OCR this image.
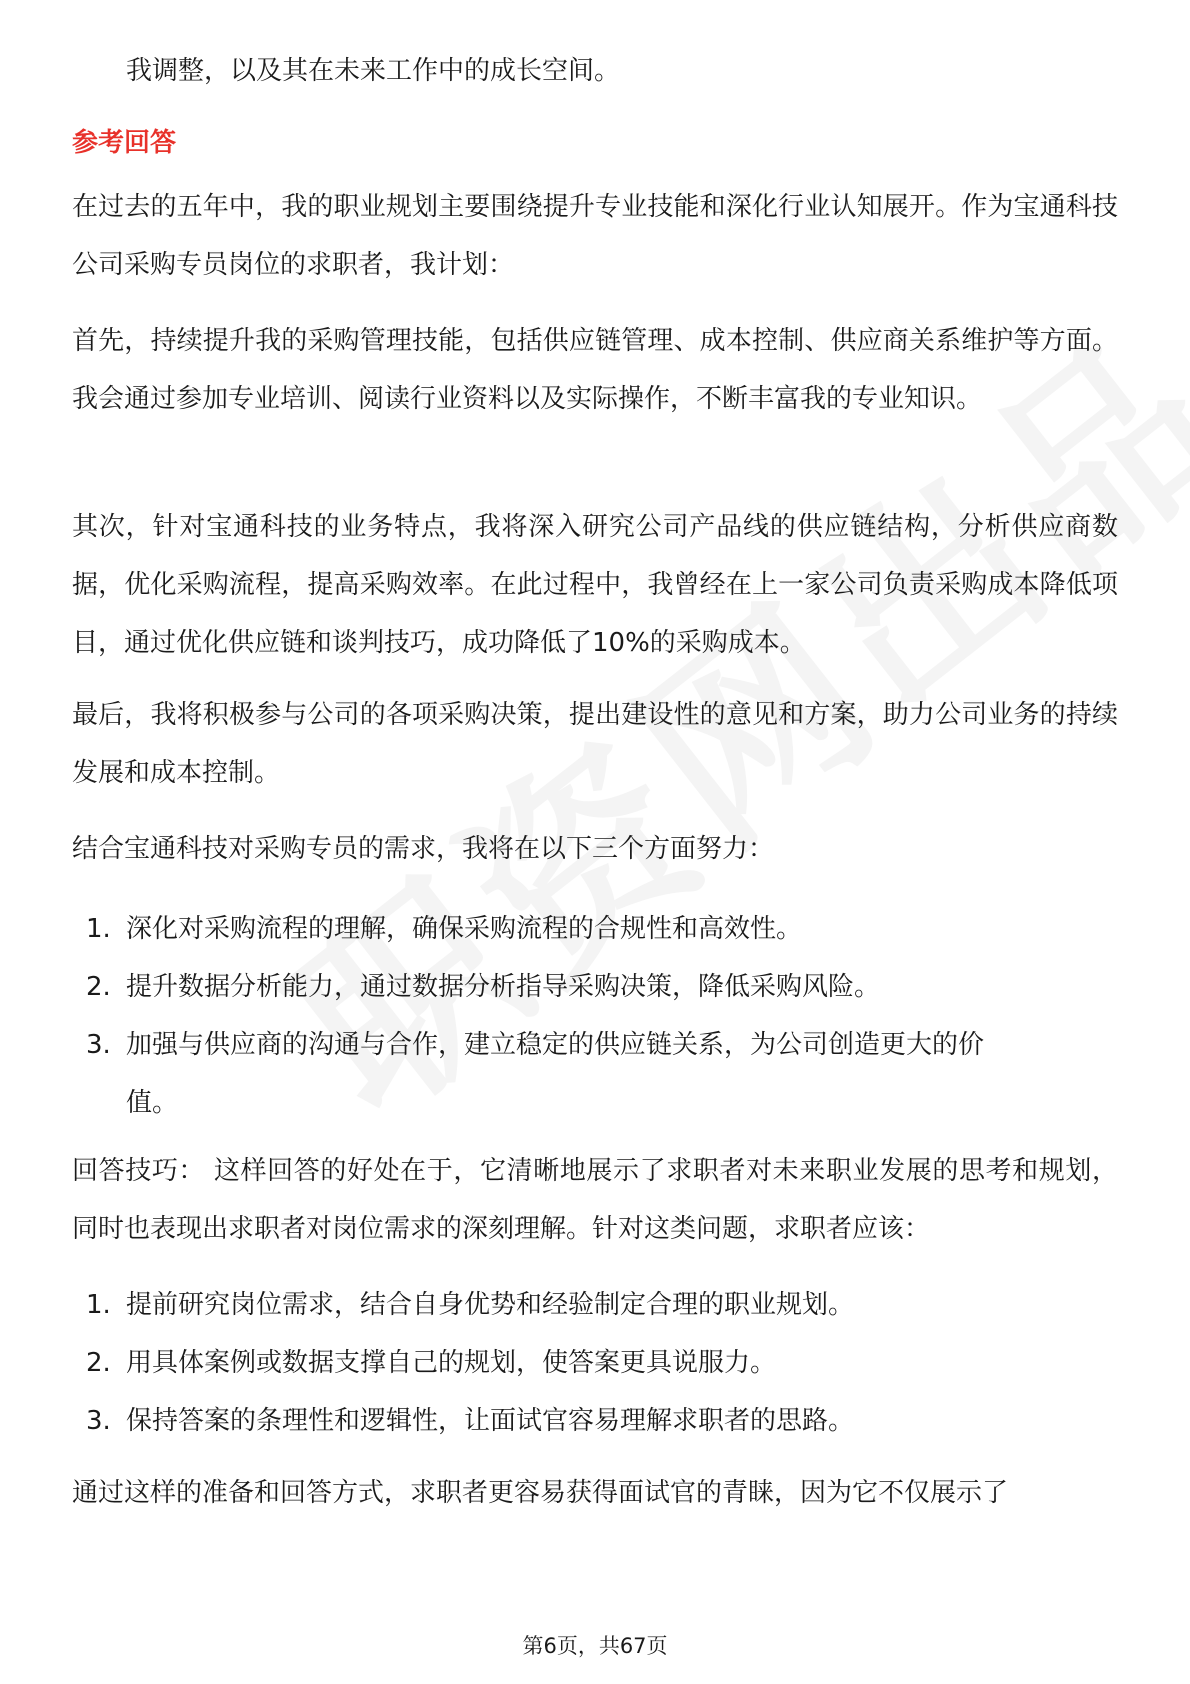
我调整，以及其在未来工作中的成长空间。
参考回答
在过去的五年中，我的职业规划主要围绕提升专业技能和深化行业认知展开。作为宝通科技公司采购专员岗位的求职者，我计划：
首先，持续提升我的采购管理技能，包括供应链管理、成本控制、供应商关系维护等方面。我会通过参加专业培训、阅读行业资料以及实际操作，不断丰富我的专业知识。
其次，针对宝通科技的业务特点，我将深入研究公司产品线的供应链结构，分析供应商数据，优化采购流程，提高采购效率。在此过程中，我曾经在上一家公司负责采购成本降低项目，通过优化供应链和谈判技巧，成功降低了10%的采购成本。
最后，我将积极参与公司的各项采购决策，提出建设性的意见和方案，助力公司业务的持续发展和成本控制。
结合宝通科技对采购专员的需求，我将在以下三个方面努力：
1. 深化对采购流程的理解，确保采购流程的合规性和高效性。
2. 提升数据分析能力，通过数据分析指导采购决策，降低采购风险。
3. 加强与供应商的沟通与合作，建立稳定的供应链关系，为公司创造更大的价值。
回答技巧： 这样回答的好处在于，它清晰地展示了求职者对未来职业发展的思考和规划，同时也表现出求职者对岗位需求的深刻理解。针对这类问题，求职者应该：
1. 提前研究岗位需求，结合自身优势和经验制定合理的职业规划。
2. 用具体案例或数据支撑自己的规划，使答案更具说服力。
3. 保持答案的条理性和逻辑性，让面试官容易理解求职者的思路。
通过这样的准备和回答方式，求职者更容易获得面试官的青睐，因为它不仅展示了
第6页，共67页
